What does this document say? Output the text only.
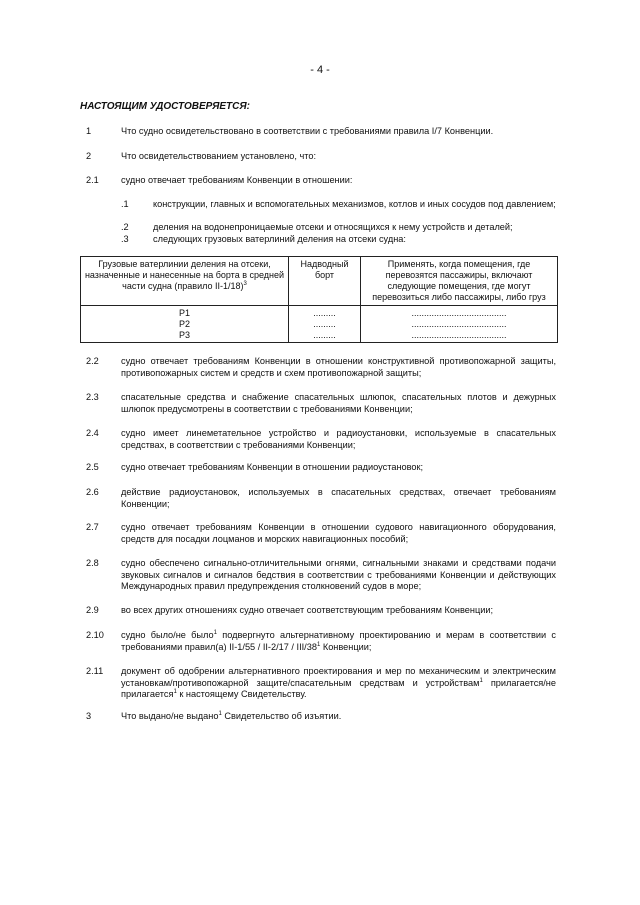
- 4 -
НАСТОЯЩИМ УДОСТОВЕРЯЕТСЯ:
1	Что судно освидетельствовано в соответствии с требованиями правила I/7 Конвенции.
2	Что освидетельствованием установлено, что:
2.1 судно отвечает требованиям Конвенции в отношении:
.1	конструкции, главных и вспомогательных механизмов, котлов и иных сосудов под давлением;
.2	деления на водонепроницаемые отсеки и относящихся к нему устройств и деталей;
.3	следующих грузовых ватерлиний деления на отсеки судна:
Грузовые ватерлинии деления на отсеки, назначенные и нанесенные на борта в средней части судна (правило II-1/18)$^3$	Надводный борт	Применять, когда помещения, где перевозятся пассажиры, включают следующие помещения, где могут перевозиться либо пассажиры, либо груз
P1	.........	......................................
P2	.........	......................................
P3	.........	......................................
2.2 судно отвечает требованиям Конвенции в отношении конструктивной противопожарной защиты, противопожарных систем и средств и схем противопожарной защиты;
2.3 спасательные средства и снабжение спасательных шлюпок, спасательных плотов и дежурных шлюпок предусмотрены в соответствии с требованиями Конвенции;
2.4 судно имеет линеметательное устройство и радиоустановки, используемые в спасательных средствах, в соответствии с требованиями Конвенции;
2.5 судно отвечает требованиям Конвенции в отношении радиоустановок;
2.6 действие радиоустановок, используемых в спасательных средствах, отвечает требованиям Конвенции;
2.7 судно отвечает требованиям Конвенции в отношении судового навигационного оборудования, средств для посадки лоцманов и морских навигационных пособий;
2.8 судно обеспечено сигнально-отличительными огнями, сигнальными знаками и средствами подачи звуковых сигналов и сигналов бедствия в соответствии с требованиями Конвенции и действующих Международных правил предупреждения столкновений судов в море;
2.9 во всех других отношениях судно отвечает соответствующим требованиям Конвенции;
2.10 судно было/не было$^1$ подвергнуто альтернативному проектированию и мерам в соответствии с требованиями правил(а) II-1/55 / II-2/17 / III/$38^1$ Конвенции;
2.11 документ об одобрении альтернативного проектирования и мер по механическим и электрическим установкам/противопожарной защите/спасательным средствам и устройствам$^1$ прилагается/не прилагается$^1$ к настоящему Свидетельству.
3	Что выдано/не выдано$^1$ Свидетельство об изъятии.
